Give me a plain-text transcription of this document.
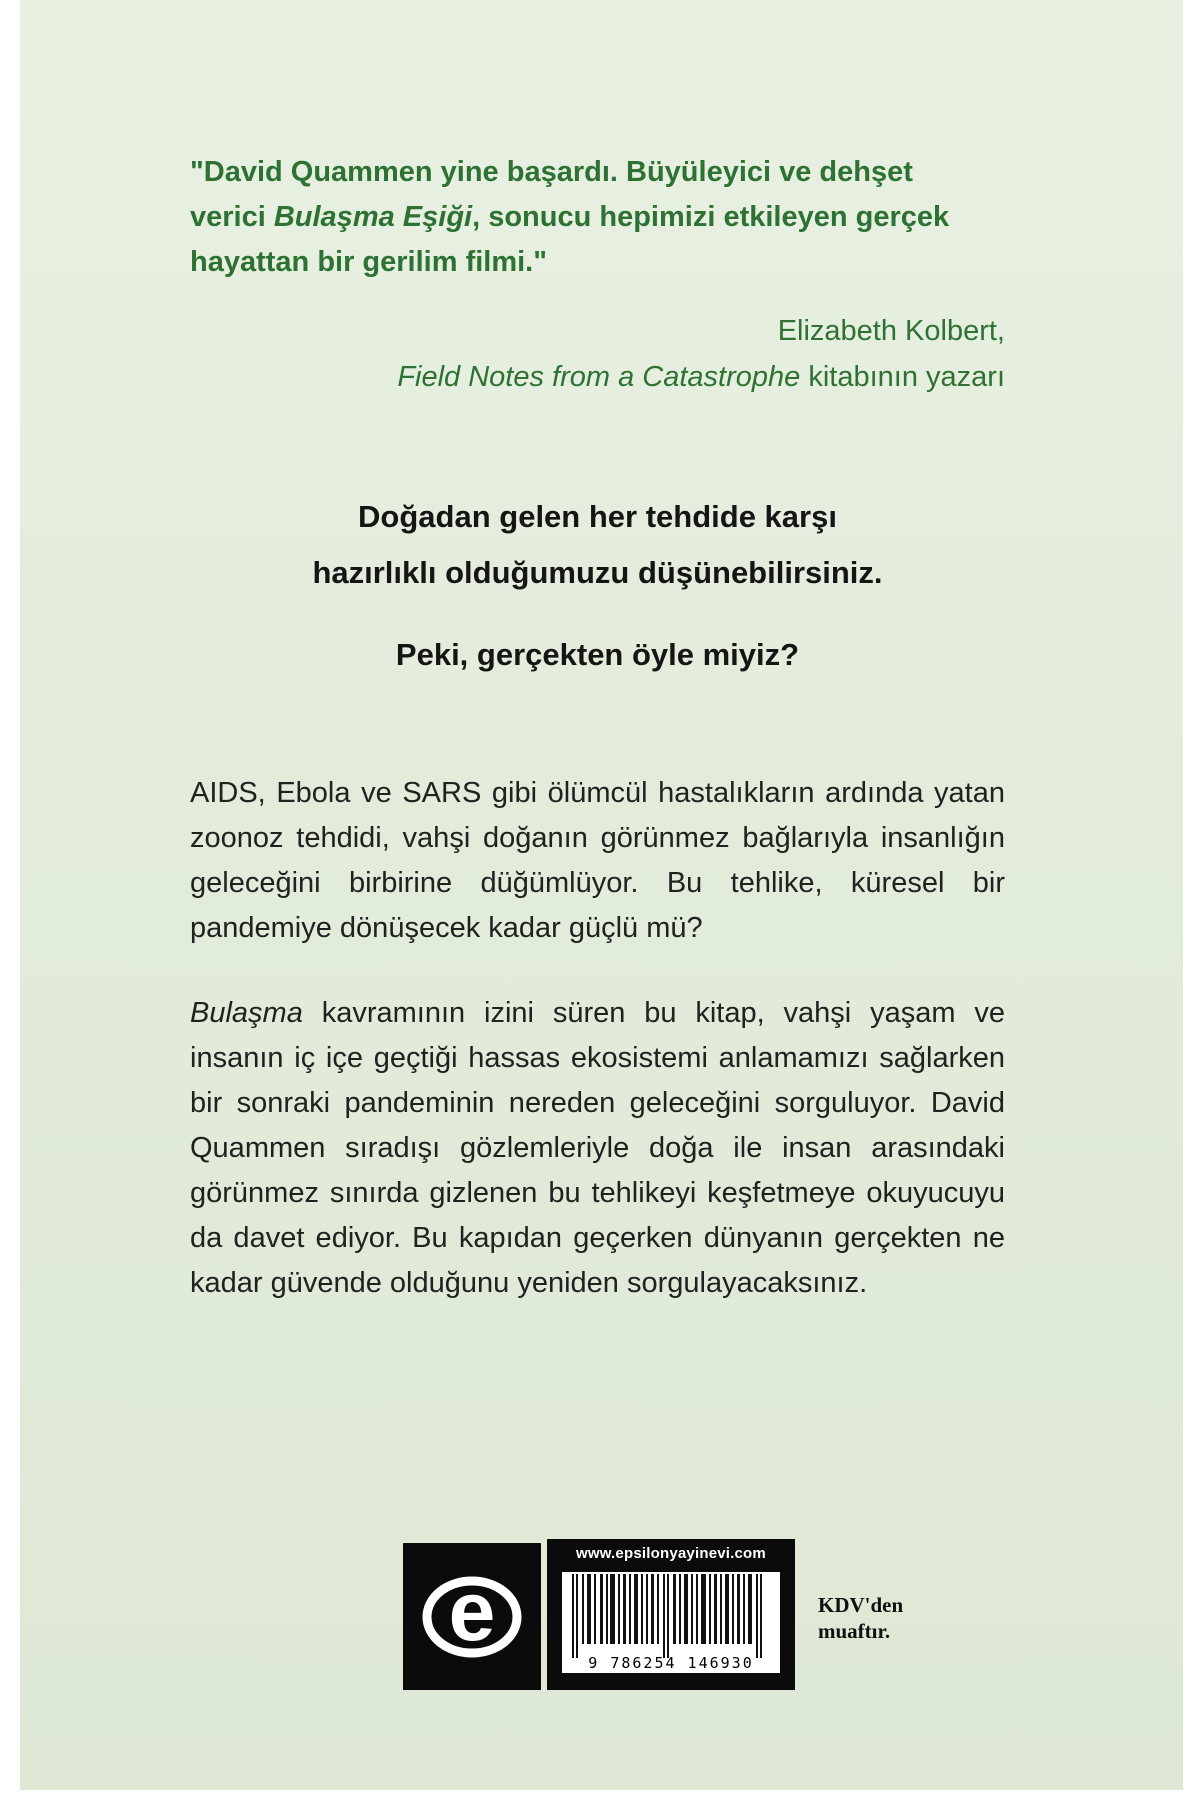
"David Quammen yine başardı. Büyüleyici ve dehşet
verici Bulaşma Eşiği, sonucu hepimizi etkileyen gerçek
hayattan bir gerilim filmi."
Elizabeth Kolbert,
Field Notes from a Catastrophe kitabının yazarı
Doğadan gelen her tehdide karşı
hazırlıklı olduğumuzu düşünebilirsiniz.
Peki, gerçekten öyle miyiz?

AIDS, Ebola ve SARS gibi ölümcül hastalıkların ardında yatan zoonoz tehdidi, vahşi doğanın görünmez bağlarıyla insanlığın geleceğini birbirine düğümlüyor. Bu tehlike, küresel bir pandemiye dönüşecek kadar güçlü mü?

Bulaşma kavramının izini süren bu kitap, vahşi yaşam ve insanın iç içe geçtiği hassas ekosistemi anlamamızı sağlarken bir sonraki pandeminin nereden geleceğini sorguluyor. David Quammen sıradışı gözlemleriyle doğa ile insan arasındaki görünmez sınırda gizlenen bu tehlikeyi keşfetmeye okuyucuyu da davet ediyor. Bu kapıdan geçerken dünyanın gerçekten ne kadar güvende olduğunu yeniden sorgulayacaksınız.

e
www.epsilonyayinevi.com
9 786254 146930
KDV'den
muaftır.
